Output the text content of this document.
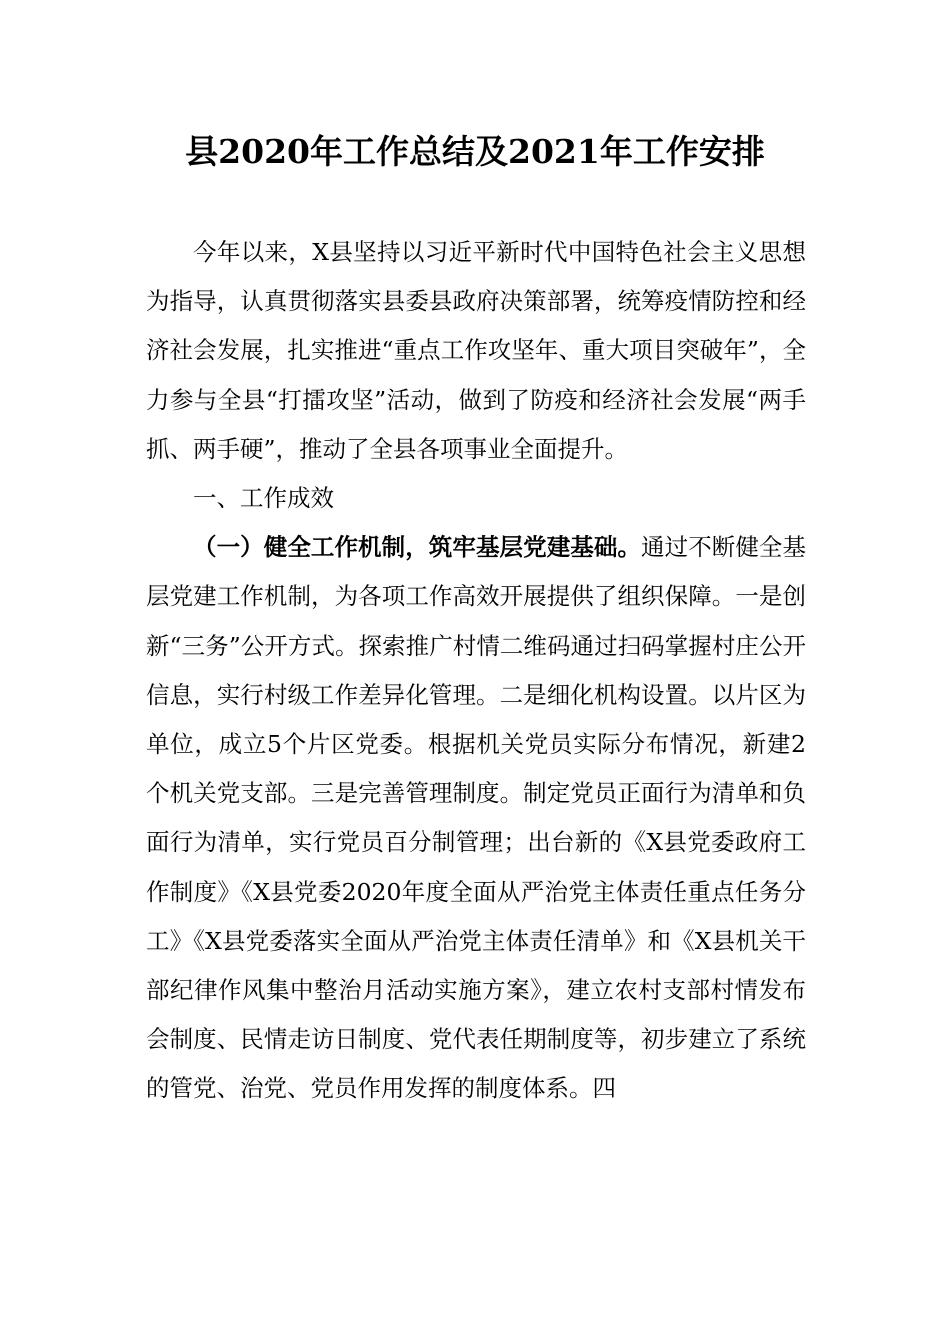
县2020年工作总结及2021年工作安排

今年以来，X县坚持以习近平新时代中国特色社会主义思想为指导，认真贯彻落实县委县政府决策部署，统筹疫情防控和经济社会发展，扎实推进“重点工作攻坚年、重大项目突破年”，全力参与全县“打擂攻坚”活动，做到了防疫和经济社会发展“两手抓、两手硬”，推动了全县各项事业全面提升。

一、工作成效

（一）健全工作机制，筑牢基层党建基础。通过不断健全基层党建工作机制，为各项工作高效开展提供了组织保障。一是创新“三务”公开方式。探索推广村情二维码通过扫码掌握村庄公开信息，实行村级工作差异化管理。二是细化机构设置。以片区为单位，成立5个片区党委。根据机关党员实际分布情况，新建2个机关党支部。三是完善管理制度。制定党员正面行为清单和负面行为清单，实行党员百分制管理；出台新的《X县党委政府工作制度》《X县党委2020年度全面从严治党主体责任重点任务分工》《X县党委落实全面从严治党主体责任清单》和《X县机关干部纪律作风集中整治月活动实施方案》，建立农村支部村情发布会制度、民情走访日制度、党代表任期制度等，初步建立了系统的管党、治党、党员作用发挥的制度体系。四
